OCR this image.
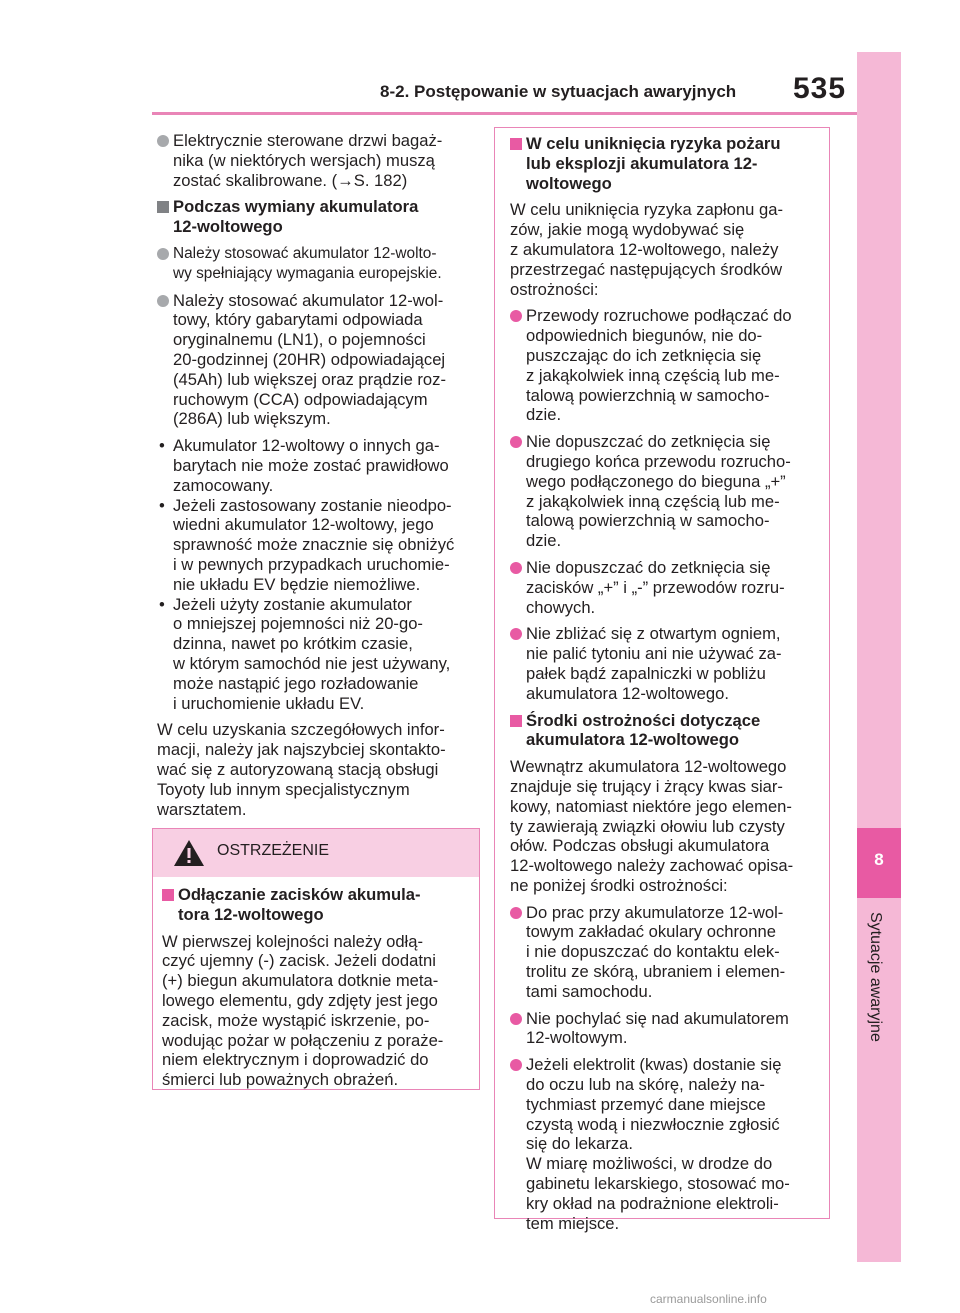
8-2. Postępowanie w sytuacjach awaryjnych 535
8
Sytuacje awaryjne
Elektrycznie sterowane drzwi bagaż-
nika (w niektórych wersjach) muszą
zostać skalibrowane. (→S. 182)
Podczas wymiany akumulatora
12-woltowego
Należy stosować akumulator 12-wolto-
wy spełniający wymagania europejskie.
Należy stosować akumulator 12-wol-
towy, który gabarytami odpowiada
oryginalnemu (LN1), o pojemności
20-godzinnej (20HR) odpowiadającej
(45Ah) lub większej oraz prądzie roz-
ruchowym (CCA) odpowiadającym
(286A) lub większym.
• Akumulator 12-woltowy o innych ga-
barytach nie może zostać prawidłowo
zamocowany.
• Jeżeli zastosowany zostanie nieodpo-
wiedni akumulator 12-woltowy, jego
sprawność może znacznie się obniżyć
i w pewnych przypadkach uruchomie-
nie układu EV będzie niemożliwe.
• Jeżeli użyty zostanie akumulator
o mniejszej pojemności niż 20-go-
dzinna, nawet po krótkim czasie,
w którym samochód nie jest używany,
może nastąpić jego rozładowanie
i uruchomienie układu EV.
W celu uzyskania szczegółowych infor-
macji, należy jak najszybciej skontakto-
wać się z autoryzowaną stacją obsługi
Toyoty lub innym specjalistycznym
warsztatem.
OSTRZEŻENIE
Odłączanie zacisków akumula-
tora 12-woltowego
W pierwszej kolejności należy odłą-
czyć ujemny (-) zacisk. Jeżeli dodatni
(+) biegun akumulatora dotknie meta-
lowego elementu, gdy zdjęty jest jego
zacisk, może wystąpić iskrzenie, po-
wodując pożar w połączeniu z poraże-
niem elektrycznym i doprowadzić do
śmierci lub poważnych obrażeń.
W celu uniknięcia ryzyka pożaru
lub eksplozji akumulatora 12-
woltowego
W celu uniknięcia ryzyka zapłonu ga-
zów, jakie mogą wydobywać się
z akumulatora 12-woltowego, należy
przestrzegać następujących środków
ostrożności:
Przewody rozruchowe podłączać do
odpowiednich biegunów, nie do-
puszczając do ich zetknięcia się
z jakąkolwiek inną częścią lub me-
talową powierzchnią w samocho-
dzie.
Nie dopuszczać do zetknięcia się
drugiego końca przewodu rozrucho-
wego podłączonego do bieguna „+”
z jakąkolwiek inną częścią lub me-
talową powierzchnią w samocho-
dzie.
Nie dopuszczać do zetknięcia się
zacisków „+” i „-” przewodów rozru-
chowych.
Nie zbliżać się z otwartym ogniem,
nie palić tytoniu ani nie używać za-
pałek bądź zapalniczki w pobliżu
akumulatora 12-woltowego.
Środki ostrożności dotyczące
akumulatora 12-woltowego
Wewnątrz akumulatora 12-woltowego
znajduje się trujący i żrący kwas siar-
kowy, natomiast niektóre jego elemen-
ty zawierają związki ołowiu lub czysty
ołów. Podczas obsługi akumulatora
12-woltowego należy zachować opisa-
ne poniżej środki ostrożności:
Do prac przy akumulatorze 12-wol-
towym zakładać okulary ochronne
i nie dopuszczać do kontaktu elek-
trolitu ze skórą, ubraniem i elemen-
tami samochodu.
Nie pochylać się nad akumulatorem
12-woltowym.
Jeżeli elektrolit (kwas) dostanie się
do oczu lub na skórę, należy na-
tychmiast przemyć dane miejsce
czystą wodą i niezwłocznie zgłosić
się do lekarza.
W miarę możliwości, w drodze do
gabinetu lekarskiego, stosować mo-
kry okład na podrażnione elektroli-
tem miejsce.
carmanualsonline.info
